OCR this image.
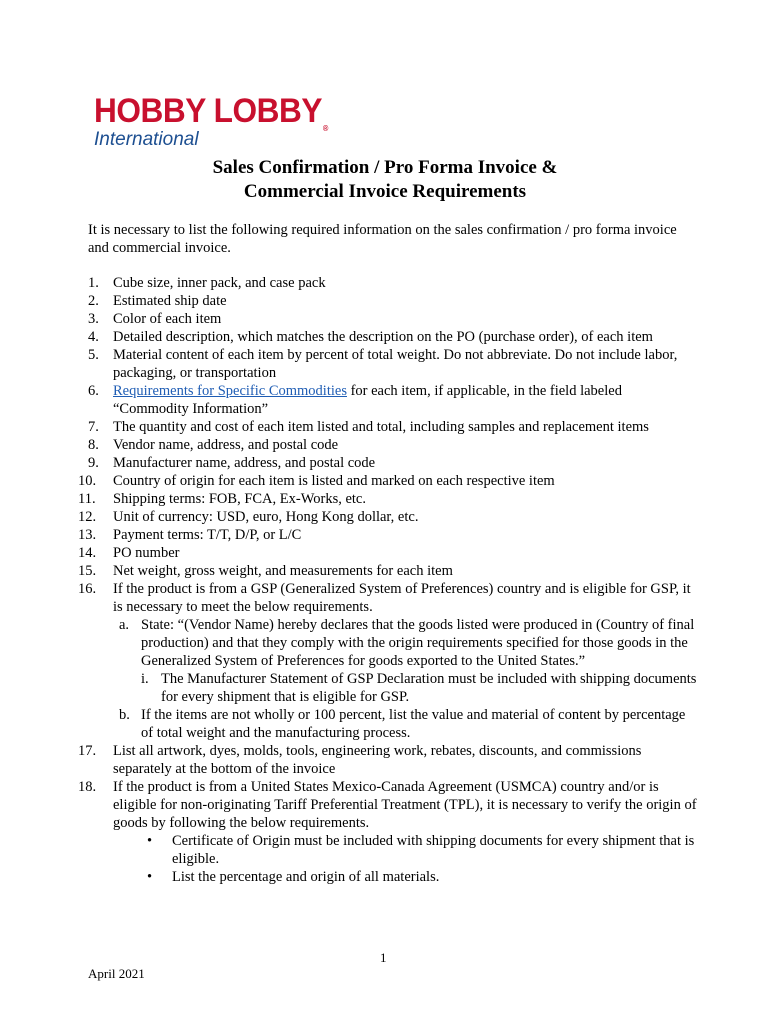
HOBBY LOBBY®
International
Sales Confirmation / Pro Forma Invoice &
Commercial Invoice Requirements
It is necessary to list the following required information on the sales confirmation / pro forma invoice and commercial invoice.
1. Cube size, inner pack, and case pack
2. Estimated ship date
3. Color of each item
4. Detailed description, which matches the description on the PO (purchase order), of each item
5. Material content of each item by percent of total weight. Do not abbreviate. Do not include labor, packaging, or transportation
6. Requirements for Specific Commodities for each item, if applicable, in the field labeled “Commodity Information”
7. The quantity and cost of each item listed and total, including samples and replacement items
8. Vendor name, address, and postal code
9. Manufacturer name, address, and postal code
10. Country of origin for each item is listed and marked on each respective item
11. Shipping terms: FOB, FCA, Ex-Works, etc.
12. Unit of currency: USD, euro, Hong Kong dollar, etc.
13. Payment terms: T/T, D/P, or L/C
14. PO number
15. Net weight, gross weight, and measurements for each item
16. If the product is from a GSP (Generalized System of Preferences) country and is eligible for GSP, it is necessary to meet the below requirements.
a. State: “(Vendor Name) hereby declares that the goods listed were produced in (Country of final production) and that they comply with the origin requirements specified for those goods in the Generalized System of Preferences for goods exported to the United States.”
i. The Manufacturer Statement of GSP Declaration must be included with shipping documents for every shipment that is eligible for GSP.
b. If the items are not wholly or 100 percent, list the value and material of content by percentage of total weight and the manufacturing process.
17. List all artwork, dyes, molds, tools, engineering work, rebates, discounts, and commissions separately at the bottom of the invoice
18. If the product is from a United States Mexico-Canada Agreement (USMCA) country and/or is eligible for non-originating Tariff Preferential Treatment (TPL), it is necessary to verify the origin of goods by following the below requirements.
• Certificate of Origin must be included with shipping documents for every shipment that is eligible.
• List the percentage and origin of all materials.
1
April 2021
